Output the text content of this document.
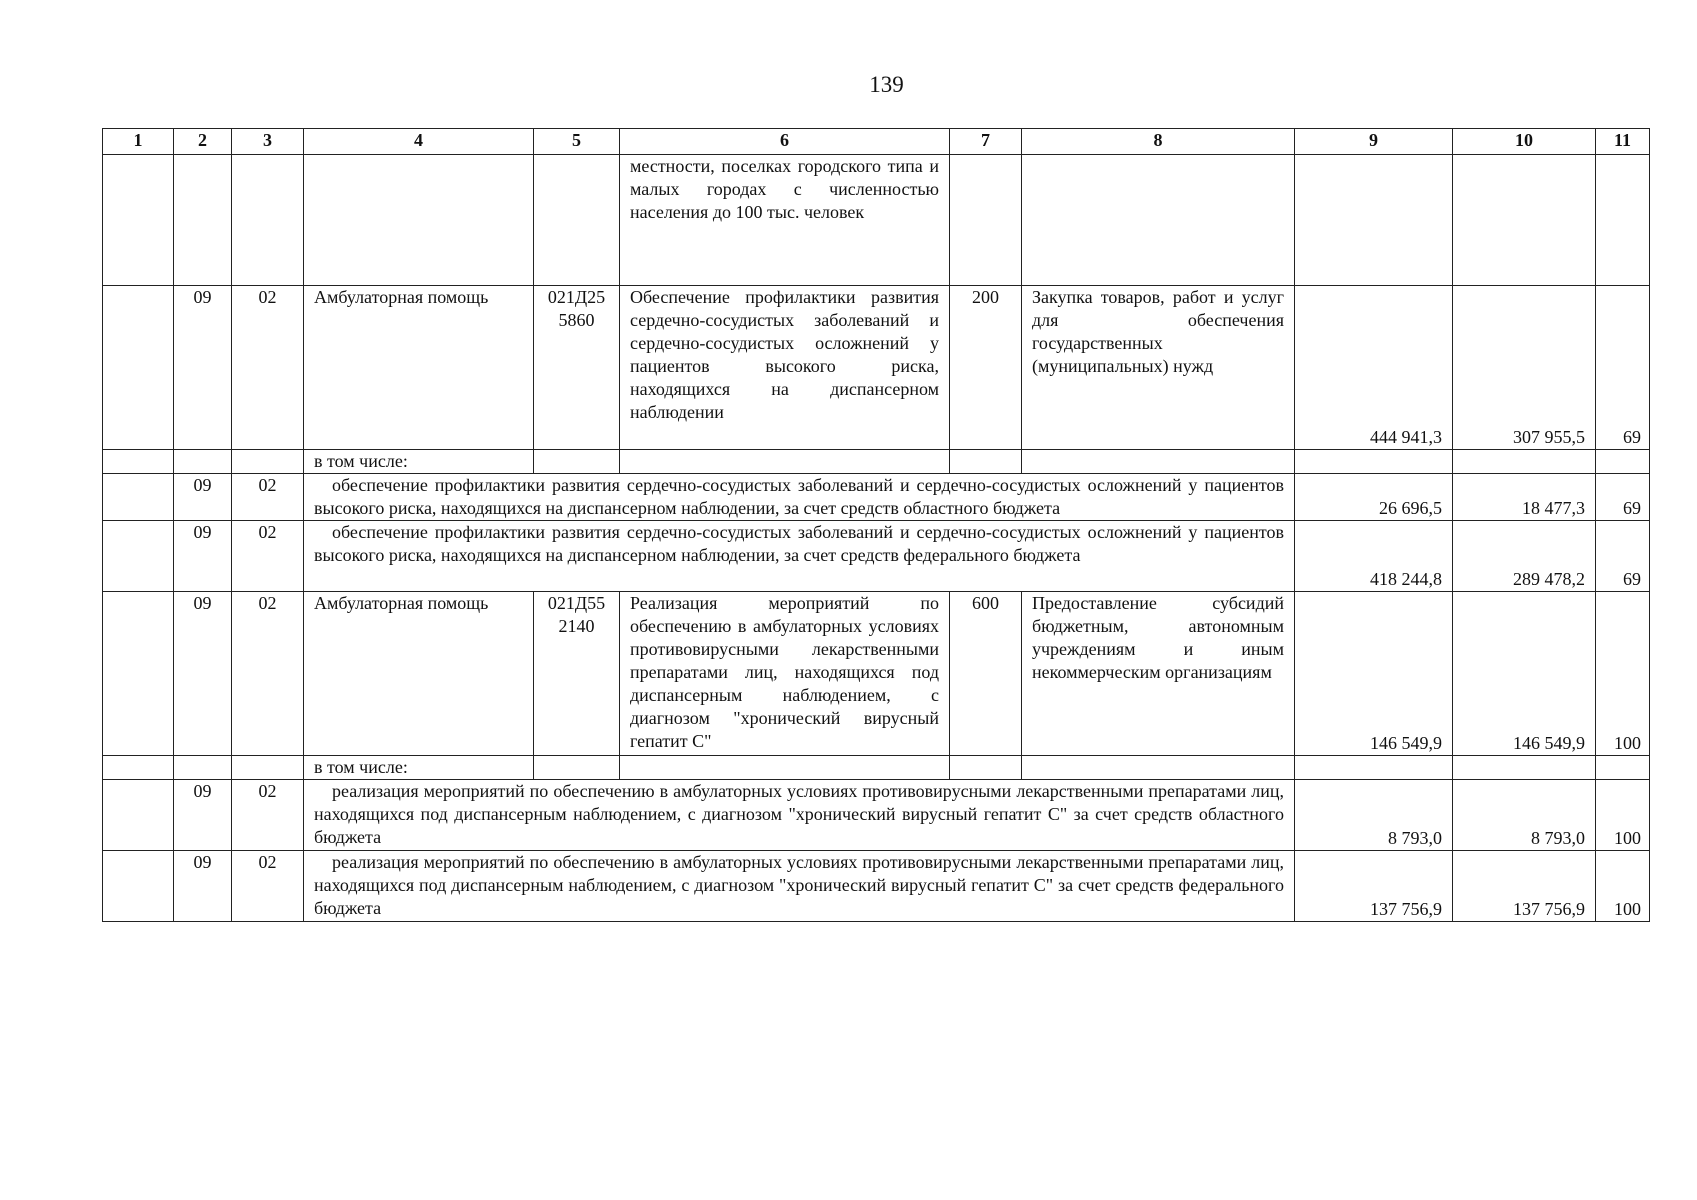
139
1	2	3	4	5	6	7	8	9	10	11
					местности, поселках городского типа и малых городах с численностью населения до 100 тыс. человек					
	09	02	Амбулаторная помощь	021Д25 5860	Обеспечение профилактики развития сердечно-сосудистых заболеваний и сердечно-сосудистых осложнений у пациентов высокого риска, находящихся на диспансерном наблюдении	200	Закупка товаров, работ и услуг для обеспечения государственных (муниципальных) нужд	444 941,3	307 955,5	69
			в том числе:							
	09	02	обеспечение профилактики развития сердечно-сосудистых заболеваний и сердечно-сосудистых осложнений у пациентов высокого риска, находящихся на диспансерном наблюдении, за счет средств областного бюджета					26 696,5	18 477,3	69
	09	02	обеспечение профилактики развития сердечно-сосудистых заболеваний и сердечно-сосудистых осложнений у пациентов высокого риска, находящихся на диспансерном наблюдении, за счет средств федерального бюджета					418 244,8	289 478,2	69
	09	02	Амбулаторная помощь	021Д55 2140	Реализация мероприятий по обеспечению в амбулаторных условиях противовирусными лекарственными препаратами лиц, находящихся под диспансерным наблюдением, с диагнозом "хронический вирусный гепатит С"	600	Предоставление субсидий бюджетным, автономным учреждениям и иным некоммерческим организациям	146 549,9	146 549,9	100
			в том числе:							
	09	02	реализация мероприятий по обеспечению в амбулаторных условиях противовирусными лекарственными препаратами лиц, находящихся под диспансерным наблюдением, с диагнозом "хронический вирусный гепатит С" за счет средств областного бюджета					8 793,0	8 793,0	100
	09	02	реализация мероприятий по обеспечению в амбулаторных условиях противовирусными лекарственными препаратами лиц, находящихся под диспансерным наблюдением, с диагнозом "хронический вирусный гепатит С" за счет средств федерального бюджета					137 756,9	137 756,9	100
